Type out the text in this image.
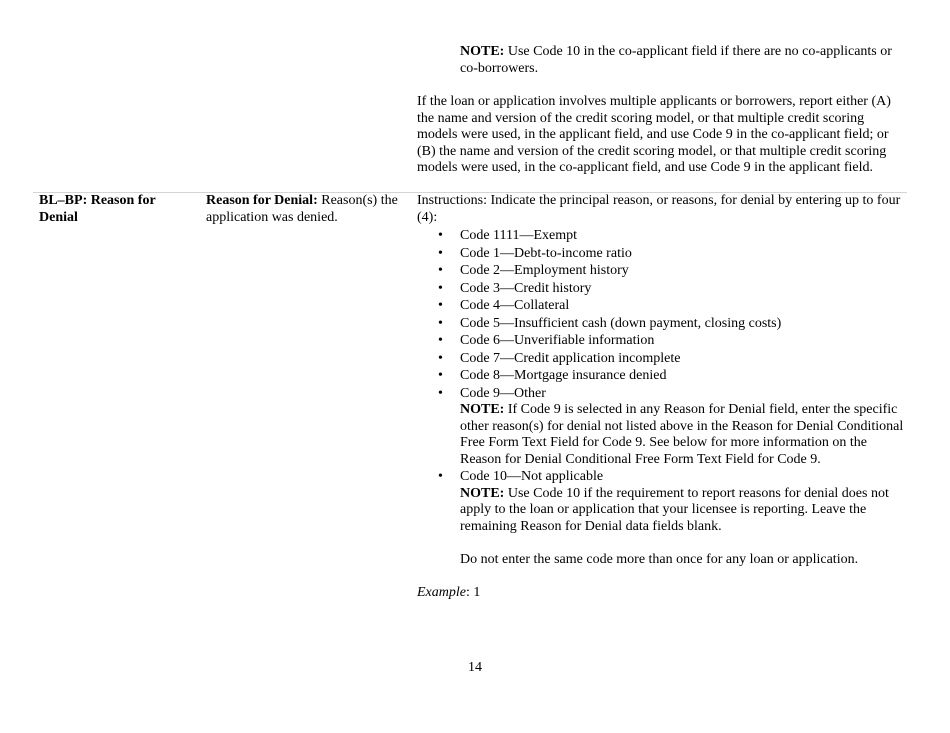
NOTE: Use Code 10 in the co-applicant field if there are no co-applicants or co-borrowers.
If the loan or application involves multiple applicants or borrowers, report either (A) the name and version of the credit scoring model, or that multiple credit scoring models were used, in the applicant field, and use Code 9 in the co-applicant field; or (B) the name and version of the credit scoring model, or that multiple credit scoring models were used, in the co-applicant field, and use Code 9 in the applicant field.
BL–BP: Reason for Denial
Reason for Denial: Reason(s) the application was denied.

Instructions: Indicate the principal reason, or reasons, for denial by entering up to four (4):

• Code 1111—Exempt
• Code 1—Debt-to-income ratio
• Code 2—Employment history
• Code 3—Credit history
• Code 4—Collateral
• Code 5—Insufficient cash (down payment, closing costs)
• Code 6—Unverifiable information
• Code 7—Credit application incomplete
• Code 8—Mortgage insurance denied
• Code 9—Other
NOTE: If Code 9 is selected in any Reason for Denial field, enter the specific other reason(s) for denial not listed above in the Reason for Denial Conditional Free Form Text Field for Code 9. See below for more information on the Reason for Denial Conditional Free Form Text Field for Code 9.
• Code 10—Not applicable
NOTE: Use Code 10 if the requirement to report reasons for denial does not apply to the loan or application that your licensee is reporting. Leave the remaining Reason for Denial data fields blank.

Do not enter the same code more than once for any loan or application.

Example: 1

14
